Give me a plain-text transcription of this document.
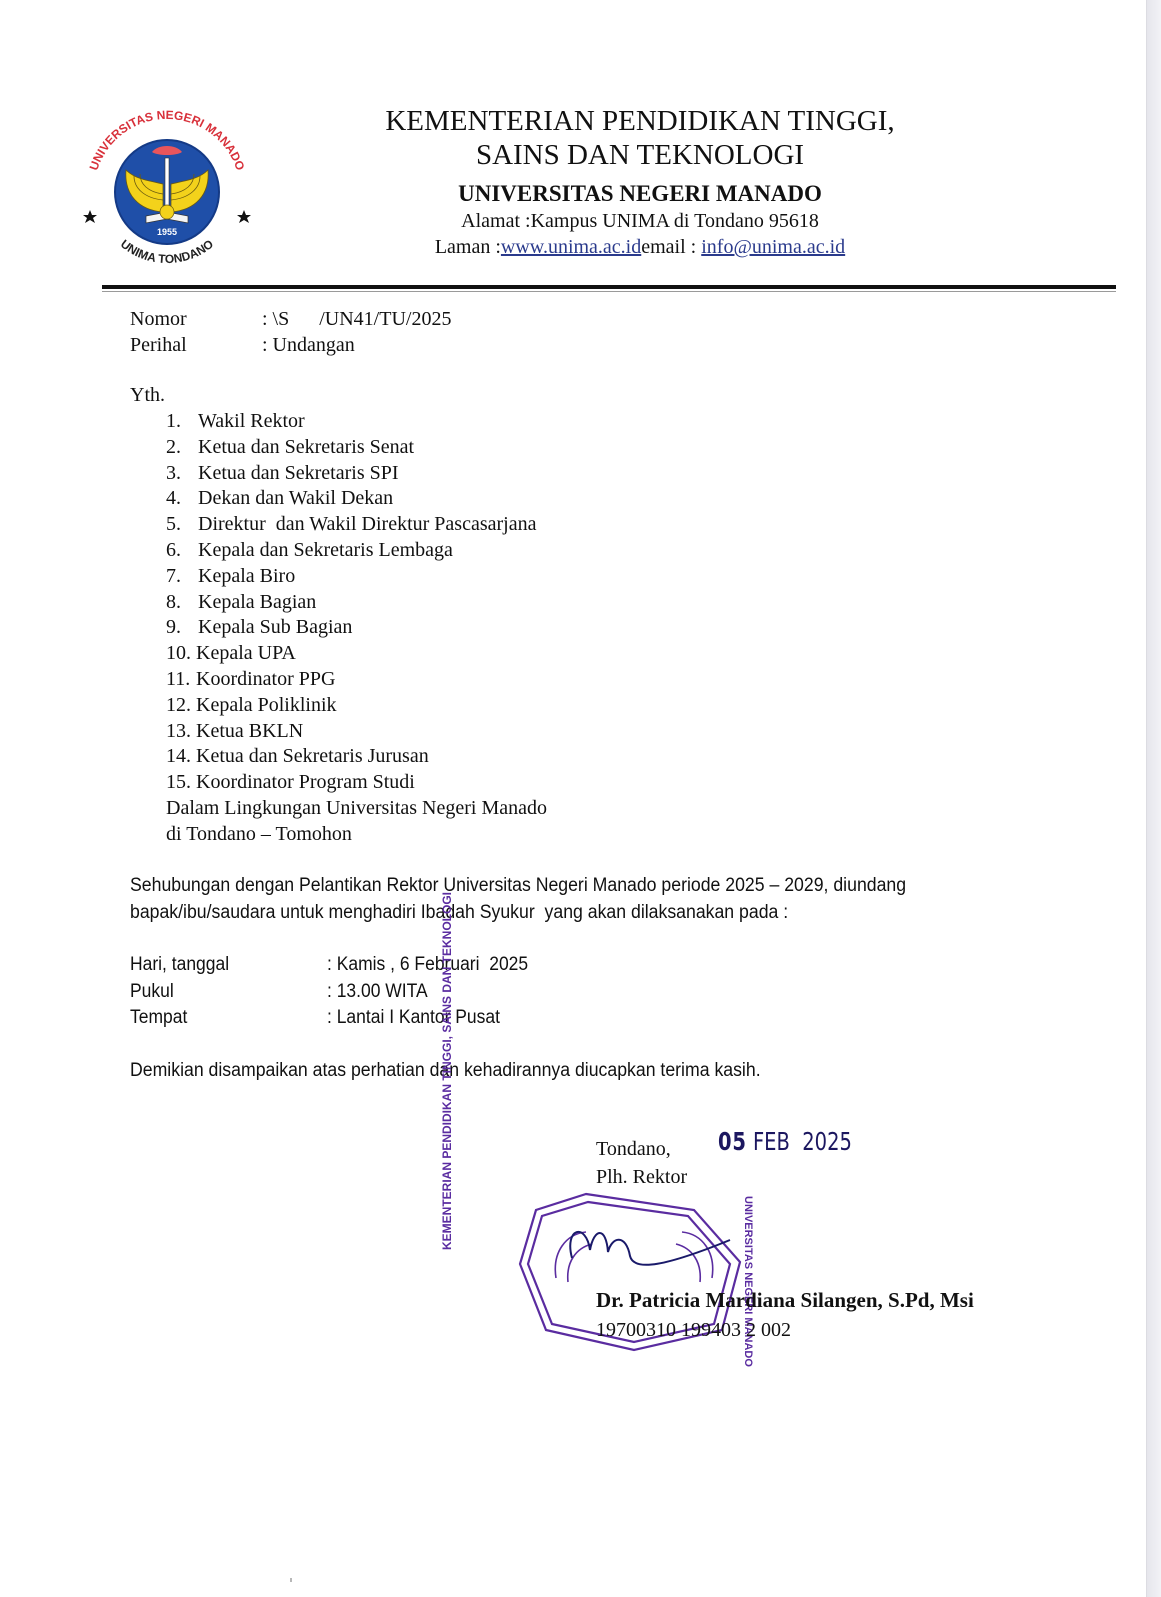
1955
UNIVERSITAS NEGERI MANADO
UNIMA TONDANO
KEMENTERIAN PENDIDIKAN TINGGI,
SAINS DAN TEKNOLOGI
UNIVERSITAS NEGERI MANADO
Alamat :Kampus UNIMA di Tondano 95618
Laman :www.unima.ac.idemail : info@unima.ac.id
Nomor	: \S      /UN41/TU/2025
Perihal	: Undangan
Yth.
1. Wakil Rektor
2. Ketua dan Sekretaris Senat
3. Ketua dan Sekretaris SPI
4. Dekan dan Wakil Dekan
5. Direktur  dan Wakil Direktur Pascasarjana
6. Kepala dan Sekretaris Lembaga
7. Kepala Biro
8. Kepala Bagian
9. Kepala Sub Bagian
10. Kepala UPA
11. Koordinator PPG
12. Kepala Poliklinik
13. Ketua BKLN
14. Ketua dan Sekretaris Jurusan
15. Koordinator Program Studi
Dalam Lingkungan Universitas Negeri Manado
di Tondano – Tomohon
Sehubungan dengan Pelantikan Rektor Universitas Negeri Manado periode 2025 – 2029, diundang
bapak/ibu/saudara untuk menghadiri Ibadah Syukur  yang akan dilaksanakan pada :
Hari, tanggal	: Kamis , 6 Februari  2025
Pukul	: 13.00 WITA
Tempat	: Lantai I Kantor Pusat
Demikian disampaikan atas perhatian dan kehadirannya diucapkan terima kasih.
KEMENTERIAN PENDIDIKAN TINGGI, SAINS DAN TEKNOLOGI
UNIVERSITAS NEGERI MANADO
05 FEB  2025
Tondano,
Plh. Rektor
Dr. Patricia Mardiana Silangen, S.Pd, Msi
19700310 199403 2 002
